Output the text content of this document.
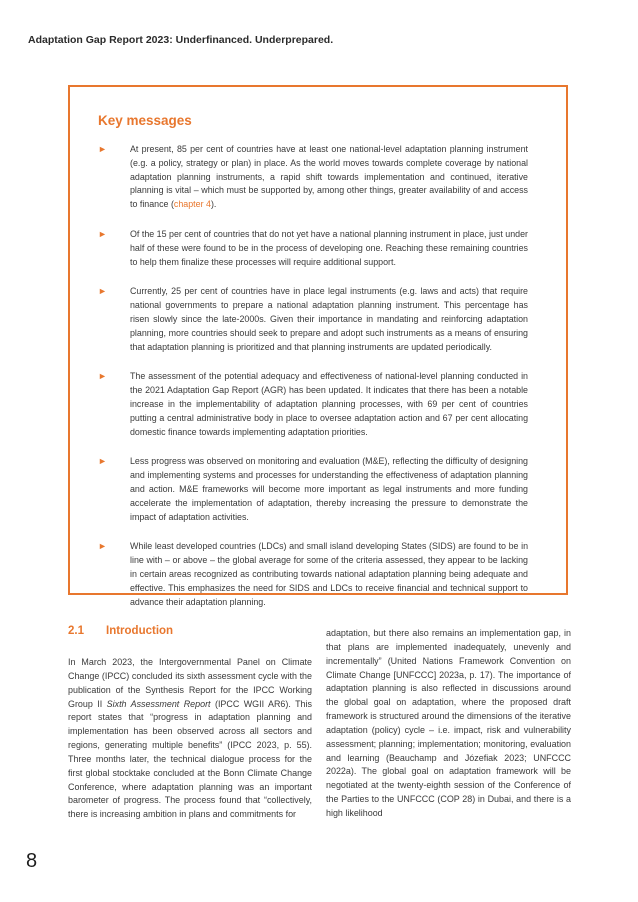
Adaptation Gap Report 2023: Underfinanced. Underprepared.
Key messages
►	At present, 85 per cent of countries have at least one national-level adaptation planning instrument (e.g. a policy, strategy or plan) in place. As the world moves towards complete coverage by national adaptation planning instruments, a rapid shift towards implementation and continued, iterative planning is vital – which must be supported by, among other things, greater availability of and access to finance (chapter 4).
►	Of the 15 per cent of countries that do not yet have a national planning instrument in place, just under half of these were found to be in the process of developing one. Reaching these remaining countries to help them finalize these processes will require additional support.
►	Currently, 25 per cent of countries have in place legal instruments (e.g. laws and acts) that require national governments to prepare a national adaptation planning instrument. This percentage has risen slowly since the late-2000s. Given their importance in mandating and reinforcing adaptation planning, more countries should seek to prepare and adopt such instruments as a means of ensuring that adaptation planning is prioritized and that planning instruments are updated periodically.
►	The assessment of the potential adequacy and effectiveness of national-level planning conducted in the 2021 Adaptation Gap Report (AGR) has been updated. It indicates that there has been a notable increase in the implementability of adaptation planning processes, with 69 per cent of countries putting a central administrative body in place to oversee adaptation action and 67 per cent allocating domestic finance towards implementing adaptation priorities.
►	Less progress was observed on monitoring and evaluation (M&E), reflecting the difficulty of designing and implementing systems and processes for understanding the effectiveness of adaptation planning and action. M&E frameworks will become more important as legal instruments and more funding accelerate the implementation of adaptation, thereby increasing the pressure to demonstrate the impact of adaptation activities.
►	While least developed countries (LDCs) and small island developing States (SIDS) are found to be in line with – or above – the global average for some of the criteria assessed, they appear to be lacking in certain areas recognized as contributing towards national adaptation planning being adequate and effective. This emphasizes the need for SIDS and LDCs to receive financial and technical support to advance their adaptation planning.
2.1 Introduction

In March 2023, the Intergovernmental Panel on Climate Change (IPCC) concluded its sixth assessment cycle with the publication of the Synthesis Report for the IPCC Working Group II Sixth Assessment Report (IPCC WGII AR6). This report states that “progress in adaptation planning and implementation has been observed across all sectors and regions, generating multiple benefits” (IPCC 2023, p. 55). Three months later, the technical dialogue process for the first global stocktake concluded at the Bonn Climate Change Conference, where adaptation planning was an important barometer of progress. The process found that “collectively, there is increasing ambition in plans and commitments for

adaptation, but there also remains an implementation gap, in that plans are implemented inadequately, unevenly and incrementally” (United Nations Framework Convention on Climate Change [UNFCCC] 2023a, p. 17). The importance of adaptation planning is also reflected in discussions around the global goal on adaptation, where the proposed draft framework is structured around the dimensions of the iterative adaptation (policy) cycle – i.e. impact, risk and vulnerability assessment; planning; implementation; monitoring, evaluation and learning (Beauchamp and Józefiak 2023; UNFCCC 2022a). The global goal on adaptation framework will be negotiated at the twenty-eighth session of the Conference of the Parties to the UNFCCC (COP 28) in Dubai, and there is a high likelihood

8
